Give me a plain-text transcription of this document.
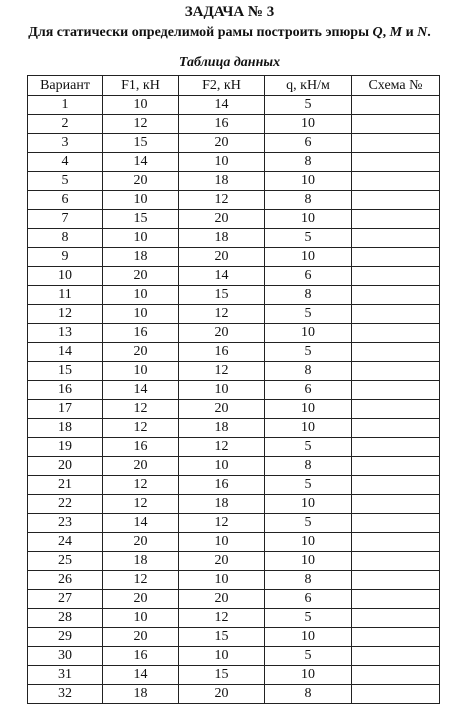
ЗАДАЧА № 3
Для статически определимой рамы построить эпюры Q, M и N.
Таблица данных
Вариант	F1, кН	F2, кН	q, кН/м	Схема №
1	10	14	5	
2	12	16	10	
3	15	20	6	
4	14	10	8	
5	20	18	10	
6	10	12	8	
7	15	20	10	
8	10	18	5	
9	18	20	10	
10	20	14	6	
11	10	15	8	
12	10	12	5	
13	16	20	10	
14	20	16	5	
15	10	12	8	
16	14	10	6	
17	12	20	10	
18	12	18	10	
19	16	12	5	
20	20	10	8	
21	12	16	5	
22	12	18	10	
23	14	12	5	
24	20	10	10	
25	18	20	10	
26	12	10	8	
27	20	20	6	
28	10	12	5	
29	20	15	10	
30	16	10	5	
31	14	15	10	
32	18	20	8	
